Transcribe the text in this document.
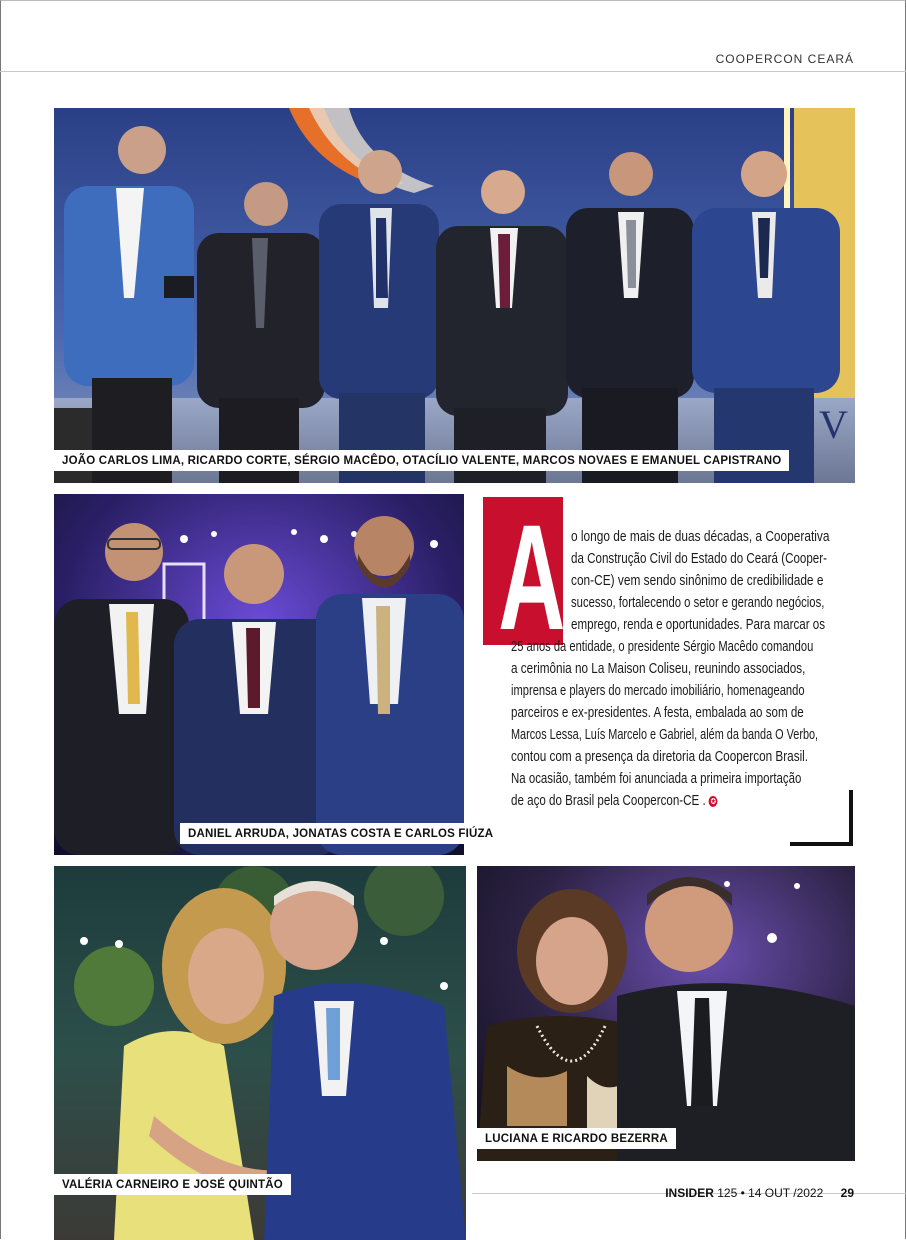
COOPERCON CEARÁ
V
JOÃO CARLOS LIMA, RICARDO CORTE, SÉRGIO MACÊDO, OTACÍLIO VALENTE, MARCOS NOVAES E EMANUEL CAPISTRANO
DANIEL ARRUDA, JONATAS COSTA E CARLOS FIÚZA
A o longo de mais de duas décadas, a Cooperativa
da Construção Civil do Estado do Ceará (Cooper-
con-CE) vem sendo sinônimo de credibilidade e
sucesso, fortalecendo o setor e gerando negócios,
emprego, renda e oportunidades. Para marcar os
25 anos da entidade, o presidente Sérgio Macêdo comandou
a cerimônia no La Maison Coliseu, reunindo associados,
imprensa e players do mercado imobiliário, homenageando
parceiros e ex-presidentes. A festa, embalada ao som de
Marcos Lessa, Luís Marcelo e Gabriel, além da banda O Verbo,
contou com a presença da diretoria da Coopercon Brasil.
Na ocasião, também foi anunciada a primeira importação
de aço do Brasil pela Coopercon-CE . ✪
VALÉRIA CARNEIRO E JOSÉ QUINTÃO
LUCIANA E RICARDO BEZERRA
INSIDER 125 • 14 OUT /2022 29
